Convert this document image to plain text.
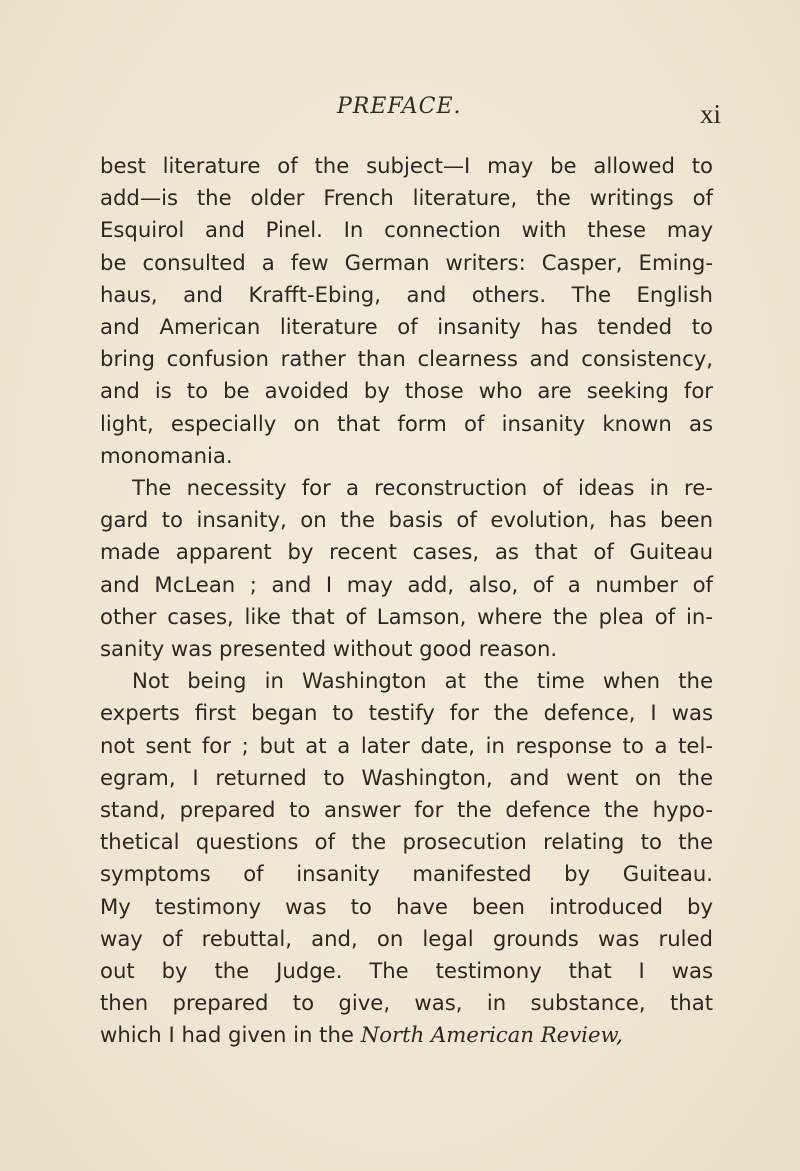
PREFACE.	xi
best literature of the subject—I may be allowed to
add—is the older French literature, the writings of
Esquirol and Pinel. In connection with these may
be consulted a few German writers: Casper, Eming-
haus, and Krafft-Ebing, and others. The English
and American literature of insanity has tended to
bring confusion rather than clearness and consistency,
and is to be avoided by those who are seeking for
light, especially on that form of insanity known as
monomania.
The necessity for a reconstruction of ideas in re-
gard to insanity, on the basis of evolution, has been
made apparent by recent cases, as that of Guiteau
and McLean ; and I may add, also, of a number of
other cases, like that of Lamson, where the plea of in-
sanity was presented without good reason.
Not being in Washington at the time when the
experts first began to testify for the defence, I was
not sent for ; but at a later date, in response to a tel-
egram, I returned to Washington, and went on the
stand, prepared to answer for the defence the hypo-
thetical questions of the prosecution relating to the
symptoms of insanity manifested by Guiteau.
My testimony was to have been introduced by
way of rebuttal, and, on legal grounds was ruled
out by the Judge. The testimony that I was
then prepared to give, was, in substance, that
which I had given in the North American Review,
